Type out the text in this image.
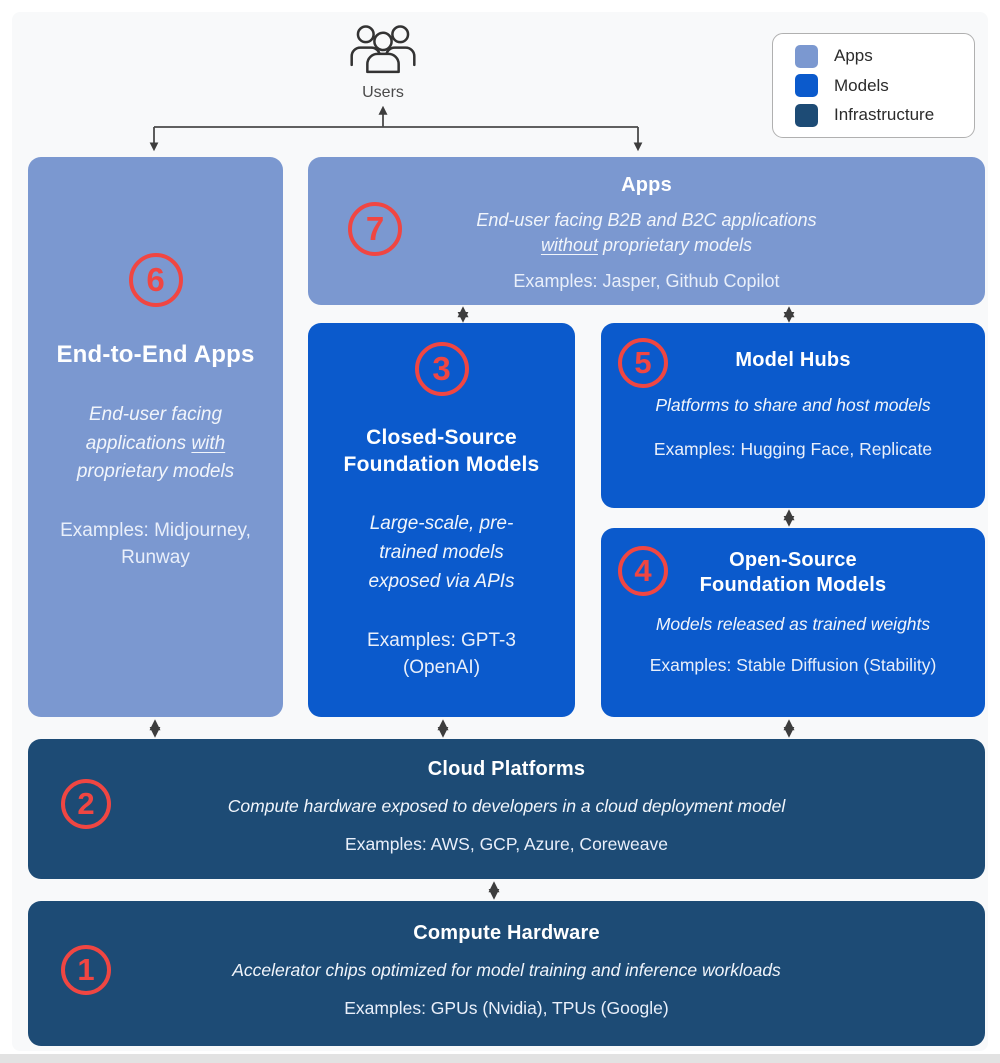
Users
Apps
Models
Infrastructure
6
End-to-End Apps
End-user facing
applications with
proprietary models
Examples: Midjourney,
Runway
7
Apps
End-user facing B2B and B2C applications
without proprietary models
Examples: Jasper, Github Copilot
3
Closed-Source
Foundation Models
Large-scale, pre-
trained models
exposed via APIs
Examples: GPT-3
(OpenAI)
5	Model Hubs
Platforms to share and host models
Examples: Hugging Face, Replicate
4	Open-Source
Foundation Models
Models released as trained weights
Examples: Stable Diffusion (Stability)
2
Cloud Platforms
Compute hardware exposed to developers in a cloud deployment model
Examples: AWS, GCP, Azure, Coreweave
1
Compute Hardware
Accelerator chips optimized for model training and inference workloads
Examples: GPUs (Nvidia), TPUs (Google)
